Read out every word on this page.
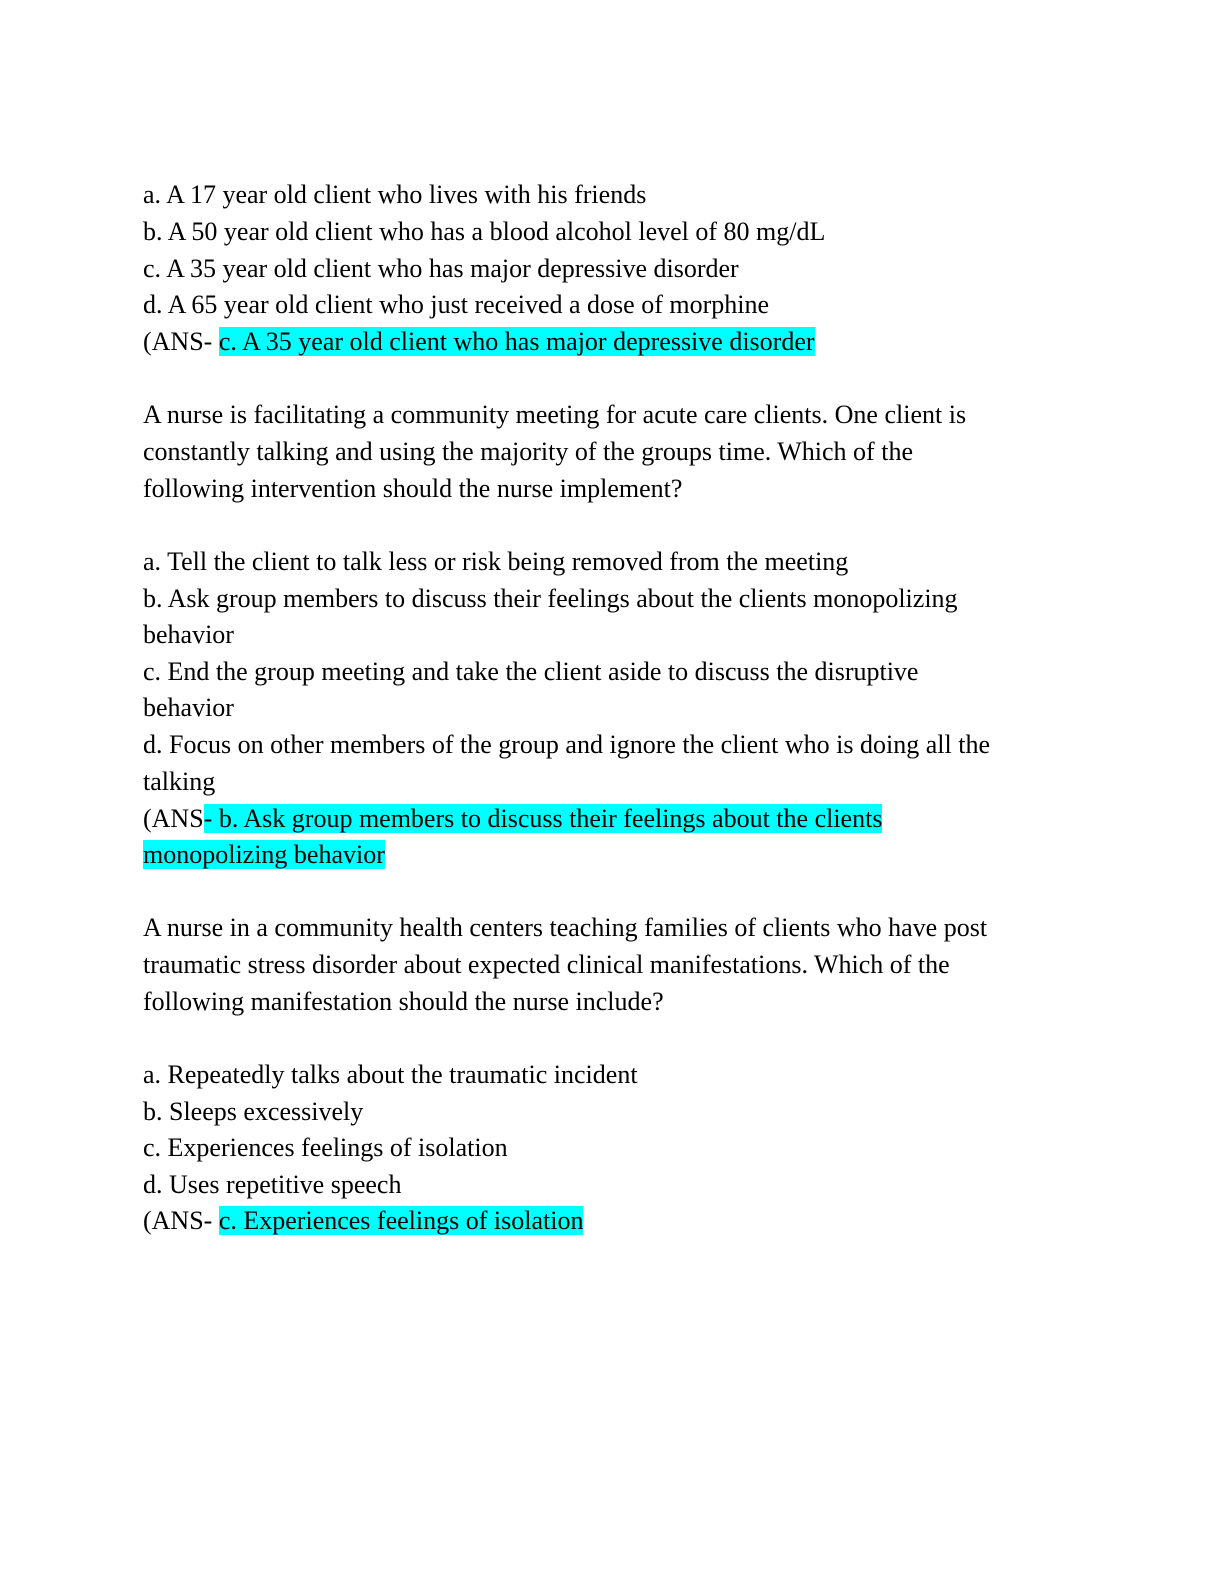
a. A 17 year old client who lives with his friends
b. A 50 year old client who has a blood alcohol level of 80 mg/dL
c. A 35 year old client who has major depressive disorder
d. A 65 year old client who just received a dose of morphine
(ANS- c. A 35 year old client who has major depressive disorder
A nurse is facilitating a community meeting for acute care clients. One client is
constantly talking and using the majority of the groups time. Which of the
following intervention should the nurse implement?
a. Tell the client to talk less or risk being removed from the meeting
b. Ask group members to discuss their feelings about the clients monopolizing
behavior
c. End the group meeting and take the client aside to discuss the disruptive
behavior
d. Focus on other members of the group and ignore the client who is doing all the
talking
(ANS- b. Ask group members to discuss their feelings about the clients
monopolizing behavior
A nurse in a community health centers teaching families of clients who have post
traumatic stress disorder about expected clinical manifestations. Which of the
following manifestation should the nurse include?
a. Repeatedly talks about the traumatic incident
b. Sleeps excessively
c. Experiences feelings of isolation
d. Uses repetitive speech
(ANS- c. Experiences feelings of isolation
